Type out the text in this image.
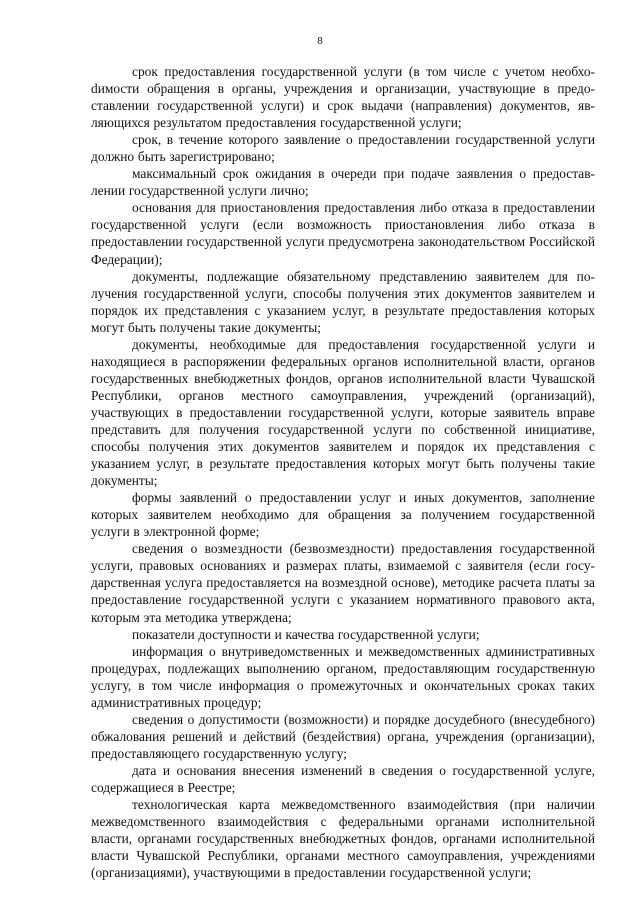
8

срок предоставления государственной услуги (в том числе с учетом необхоdимости обращения в органы, учреждения и организации, участвующие в предоставлении государственной услуги) и срок выдачи (направления) документов, являющихся результатом предоставления государственной услуги;

срок, в течение которого заявление о предоставлении государственной услуги должно быть зарегистрировано;

максимальный срок ожидания в очереди при подаче заявления о предоставлении государственной услуги лично;

основания для приостановления предоставления либо отказа в предоставлении государственной услуги (если возможность приостановления либо отказа в предоставлении государственной услуги предусмотрена законодательством Российской Федерации);

документы, подлежащие обязательному представлению заявителем для получения государственной услуги, способы получения этих документов заявителем и порядок их представления с указанием услуг, в результате предоставления которых могут быть получены такие документы;

документы, необходимые для предоставления государственной услуги и находящиеся в распоряжении федеральных органов исполнительной власти, органов государственных внебюджетных фондов, органов исполнительной власти Чувашской Республики, органов местного самоуправления, учреждений (организаций), участвующих в предоставлении государственной услуги, которые заявитель вправе представить для получения государственной услуги по собственной инициативе, способы получения этих документов заявителем и порядок их представления с указанием услуг, в результате предоставления которых могут быть получены такие документы;

формы заявлений о предоставлении услуг и иных документов, заполнение которых заявителем необходимо для обращения за получением государственной услуги в электронной форме;

сведения о возмездности (безвозмездности) предоставления государственной услуги, правовых основаниях и размерах платы, взимаемой с заявителя (если государственная услуга предоставляется на возмездной основе), методике расчета платы за предоставление государственной услуги с указанием нормативного правового акта, которым эта методика утверждена;

показатели доступности и качества государственной услуги;

информация о внутриведомственных и межведомственных административных процедурах, подлежащих выполнению органом, предоставляющим государственную услугу, в том числе информация о промежуточных и окончательных сроках таких административных процедур;

сведения о допустимости (возможности) и порядке досудебного (внесудебного) обжалования решений и действий (бездействия) органа, учреждения (организации), предоставляющего государственную услугу;

дата и основания внесения изменений в сведения о государственной услуге, содержащиеся в Реестре;

технологическая карта межведомственного взаимодействия (при наличии межведомственного взаимодействия с федеральными органами исполнительной власти, органами государственных внебюджетных фондов, органами исполнительной власти Чувашской Республики, органами местного самоуправления, учреждениями (организациями), участвующими в предоставлении государственной услуги;
